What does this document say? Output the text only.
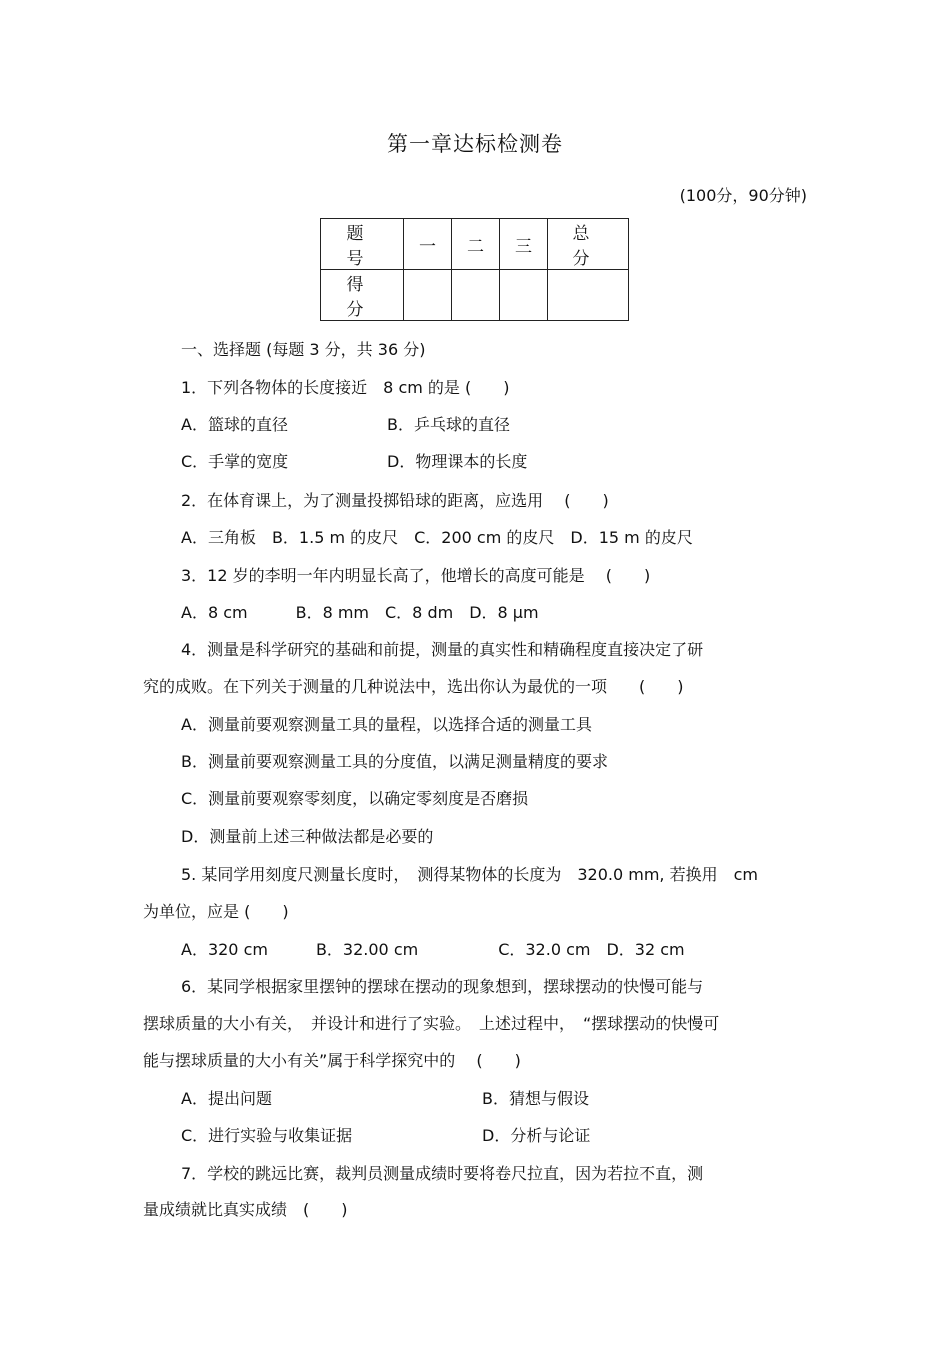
第一章达标检测卷
(100分，90分钟)
题　号	一	二	三	总　分
得　分				
一、选择题 (每题 3 分，共 36 分)
1．下列各物体的长度接近　8 cm 的是 (　　)
A．篮球的直径	B．乒乓球的直径
C．手掌的宽度	D．物理课本的长度
2．在体育课上，为了测量投掷铅球的距离，应选用　 (　　)
A．三角板　B．1.5 m 的皮尺　C．200 cm 的皮尺　D．15 m 的皮尺
3．12 岁的李明一年内明显长高了，他增长的高度可能是　 (　　)
A．8 cm　　　B．8 mm　C．8 dm　D．8 μm
4．测量是科学研究的基础和前提，测量的真实性和精确程度直接决定了研
究的成败。在下列关于测量的几种说法中，选出你认为最优的一项　　(　　)
A．测量前要观察测量工具的量程，以选择合适的测量工具
B．测量前要观察测量工具的分度值，以满足测量精度的要求
C．测量前要观察零刻度，以确定零刻度是否磨损
D．测量前上述三种做法都是必要的
5. 某同学用刻度尺测量长度时，　测得某物体的长度为　320.0 mm, 若换用　cm
为单位，应是 (　　)
A．320 cm　　　B．32.00 cm　　　　　C．32.0 cm　D．32 cm
6．某同学根据家里摆钟的摆球在摆动的现象想到，摆球摆动的快慢可能与
摆球质量的大小有关，　并设计和进行了实验。　上述过程中，　“摆球摆动的快慢可
能与摆球质量的大小有关”属于科学探究中的　 (　　)
A．提出问题	B．猜想与假设
C．进行实验与收集证据	D．分析与论证
7．学校的跳远比赛，裁判员测量成绩时要将卷尺拉直，因为若拉不直，测
量成绩就比真实成绩　(　　)
